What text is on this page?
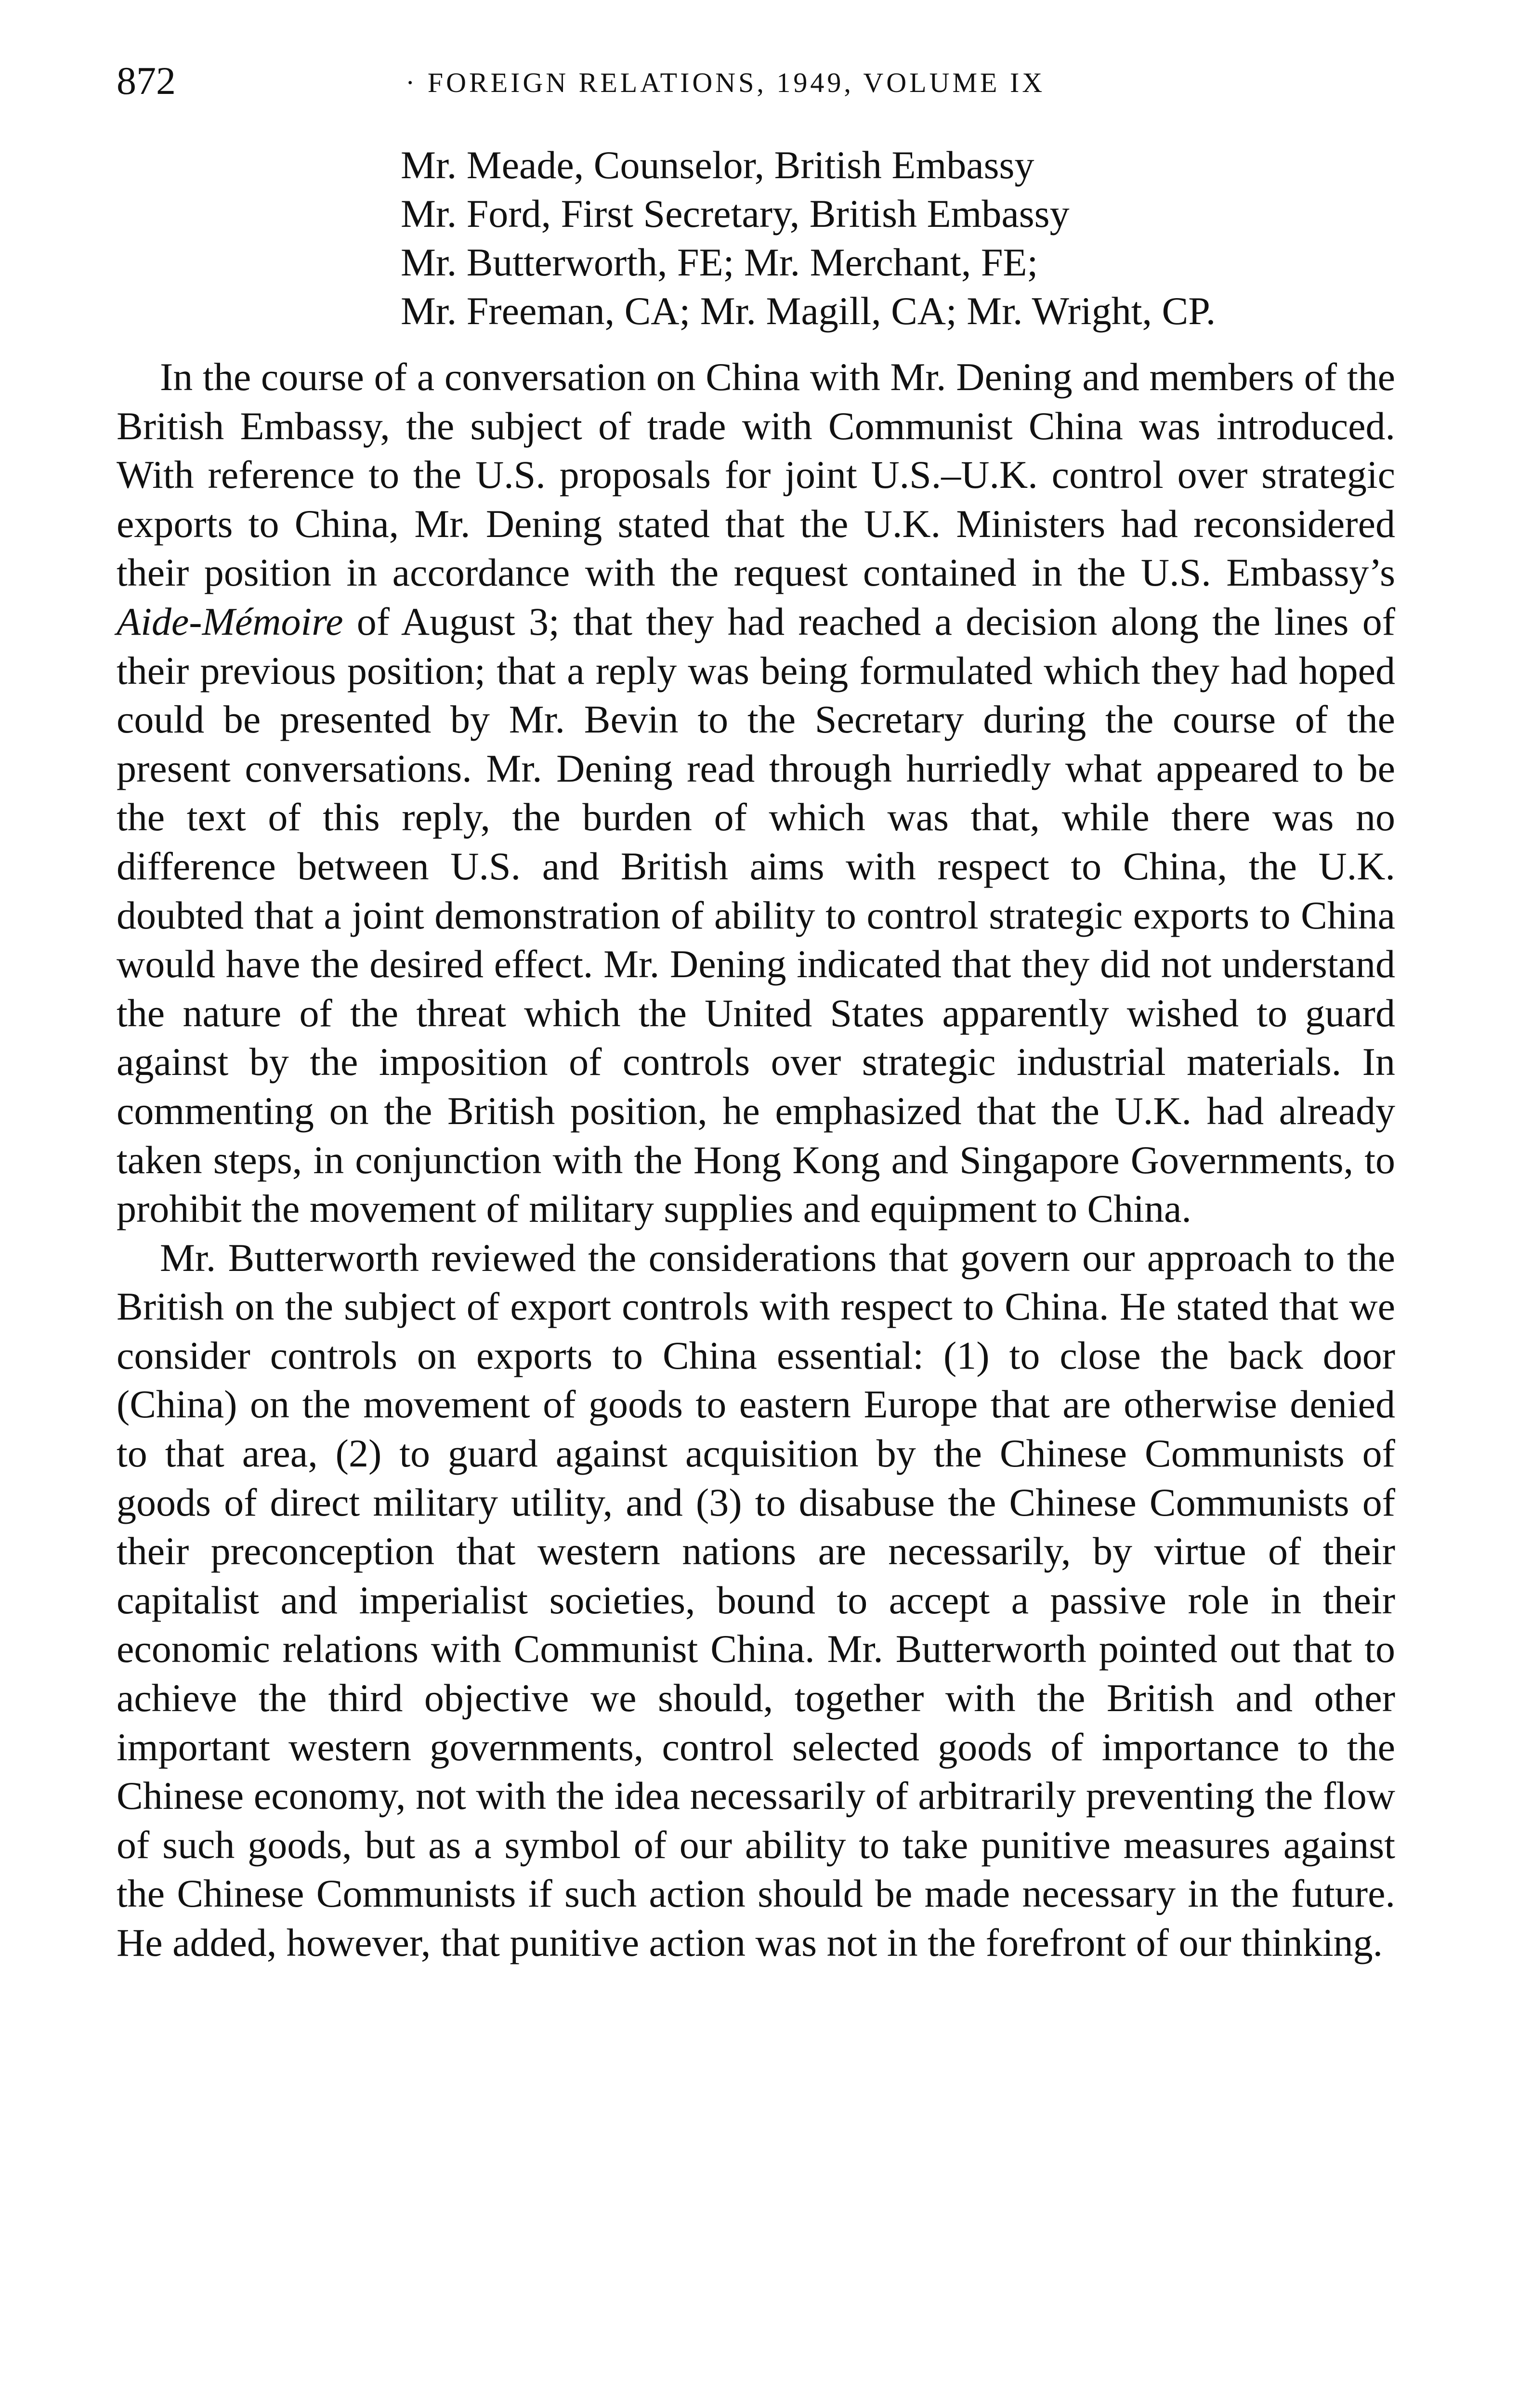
872	· FOREIGN RELATIONS, 1949, VOLUME IX
Mr. Meade, Counselor, British Embassy
Mr. Ford, First Secretary, British Embassy
Mr. Butterworth, FE; Mr. Merchant, FE;
Mr. Freeman, CA; Mr. Magill, CA; Mr. Wright, CP.

In the course of a conversation on China with Mr. Dening and members of the British Embassy, the subject of trade with Communist China was introduced. With reference to the U.S. proposals for joint U.S.–U.K. control over strategic exports to China, Mr. Dening stated that the U.K. Ministers had reconsidered their position in accordance with the request contained in the U.S. Embassy’s Aide-Mémoire of August 3; that they had reached a decision along the lines of their previous position; that a reply was being formulated which they had hoped could be presented by Mr. Bevin to the Secretary during the course of the present conversations. Mr. Dening read through hurriedly what appeared to be the text of this reply, the burden of which was that, while there was no difference between U.S. and British aims with respect to China, the U.K. doubted that a joint demonstration of ability to control strategic exports to China would have the desired effect. Mr. Dening indicated that they did not understand the nature of the threat which the United States apparently wished to guard against by the imposition of controls over strategic industrial materials. In commenting on the British position, he emphasized that the U.K. had already taken steps, in conjunction with the Hong Kong and Singapore Governments, to prohibit the movement of military supplies and equipment to China.

Mr. Butterworth reviewed the considerations that govern our approach to the British on the subject of export controls with respect to China. He stated that we consider controls on exports to China essential: (1) to close the back door (China) on the movement of goods to eastern Europe that are otherwise denied to that area, (2) to guard against acquisition by the Chinese Communists of goods of direct military utility, and (3) to disabuse the Chinese Communists of their preconception that western nations are necessarily, by virtue of their capitalist and imperialist societies, bound to accept a passive role in their economic relations with Communist China. Mr. Butterworth pointed out that to achieve the third objective we should, together with the British and other important western governments, control selected goods of importance to the Chinese economy, not with the idea necessarily of arbitrarily preventing the flow of such goods, but as a symbol of our ability to take punitive measures against the Chinese Communists if such action should be made necessary in the future. He added, however, that punitive action was not in the forefront of our thinking.
